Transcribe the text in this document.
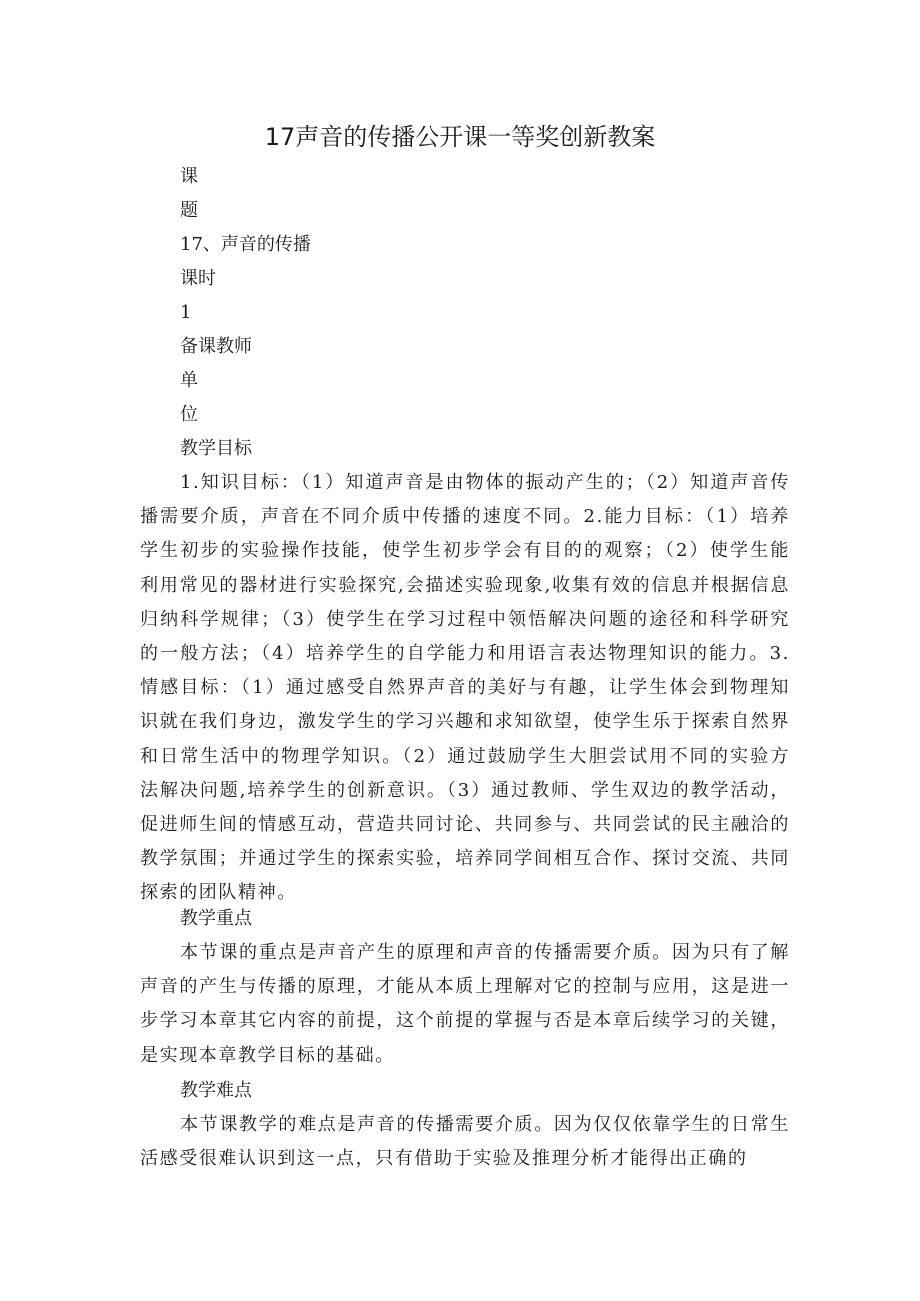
17声音的传播公开课一等奖创新教案
课
题
17、声音的传播
课时
1
备课教师
单
位
教学目标

1.知识目标：（1）知道声音是由物体的振动产生的；（2）知道声音传播需要介质，声音在不同介质中传播的速度不同。2.能力目标：（1）培养学生初步的实验操作技能，使学生初步学会有目的的观察；（2）使学生能利用常见的器材进行实验探究,会描述实验现象,收集有效的信息并根据信息归纳科学规律；（3）使学生在学习过程中领悟解决问题的途径和科学研究的一般方法；（4）培养学生的自学能力和用语言表达物理知识的能力。3.情感目标：（1）通过感受自然界声音的美好与有趣，让学生体会到物理知识就在我们身边，激发学生的学习兴趣和求知欲望，使学生乐于探索自然界和日常生活中的物理学知识。（2）通过鼓励学生大胆尝试用不同的实验方法解决问题,培养学生的创新意识。（3）通过教师、学生双边的教学活动，促进师生间的情感互动，营造共同讨论、共同参与、共同尝试的民主融洽的教学氛围；并通过学生的探索实验，培养同学间相互合作、探讨交流、共同探索的团队精神。

教学重点

本节课的重点是声音产生的原理和声音的传播需要介质。因为只有了解声音的产生与传播的原理，才能从本质上理解对它的控制与应用，这是进一步学习本章其它内容的前提，这个前提的掌握与否是本章后续学习的关键，是实现本章教学目标的基础。

教学难点

本节课教学的难点是声音的传播需要介质。因为仅仅依靠学生的日常生活感受很难认识到这一点，只有借助于实验及推理分析才能得出正确的
